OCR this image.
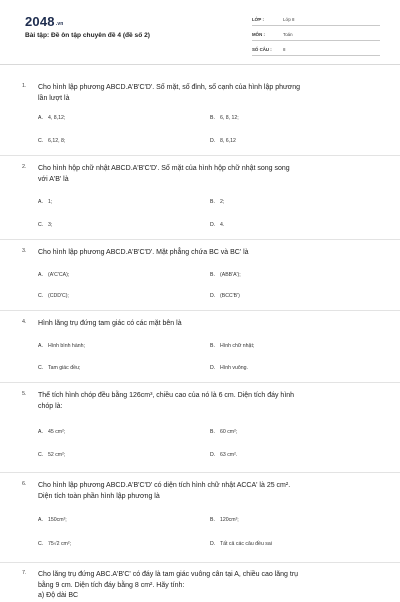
2048.vn
Bài tập: Đề ôn tập chuyên đề 4 (đề số 2)
LỚP :	Lớp 8
MÔN :	Toán
SỐ CÂU :	8
1. Cho hình lập phương ABCD.A'B'C'D'. Số mặt, số đỉnh, số cạnh của hình lập phương
lần lượt là
A. 4, 8,12;	B. 6, 8, 12;
C. 6,12, 8;	D. 8, 6,12
2. Cho hình hộp chữ nhật ABCD.A'B'C'D'. Số mặt của hình hộp chữ nhật song song
với A'B' là
A. 1;	B. 2;
C. 3;	D. 4.
3. Cho hình lập phương ABCD.A'B'C'D'. Mặt phẳng chứa BC và BC' là
A. (A'C'CA);	B. (ABB'A');
C. (CDD'C);	D. (BCC'B')
4. Hình lăng trụ đứng tam giác có các mặt bên là
A. Hình bình hành;	B. Hình chữ nhật;
C. Tam giác đều;	D. Hình vuông.
5. Thể tích hình chóp đều bằng 126cm³, chiều cao của nó là 6 cm. Diện tích đáy hình
chóp là:
A. 45 cm²;	B. 60 cm²;
C. 52 cm²;	D. 63 cm².
6. Cho hình lập phương ABCD.A'B'C'D' có diện tích hình chữ nhật ACCA' là 25 cm².
Diện tích toàn phần hình lập phương là
A. 150cm²;	B. 120cm²;
C. 75√2 cm²;	D. Tất cả các câu đều sai
7. Cho lăng trụ đứng ABC.A'B'C' có đáy là tam giác vuông cân tại A, chiều cao lăng trụ
bằng 9 cm. Diện tích đáy bằng 8 cm². Hãy tính:
a) Độ dài BC
